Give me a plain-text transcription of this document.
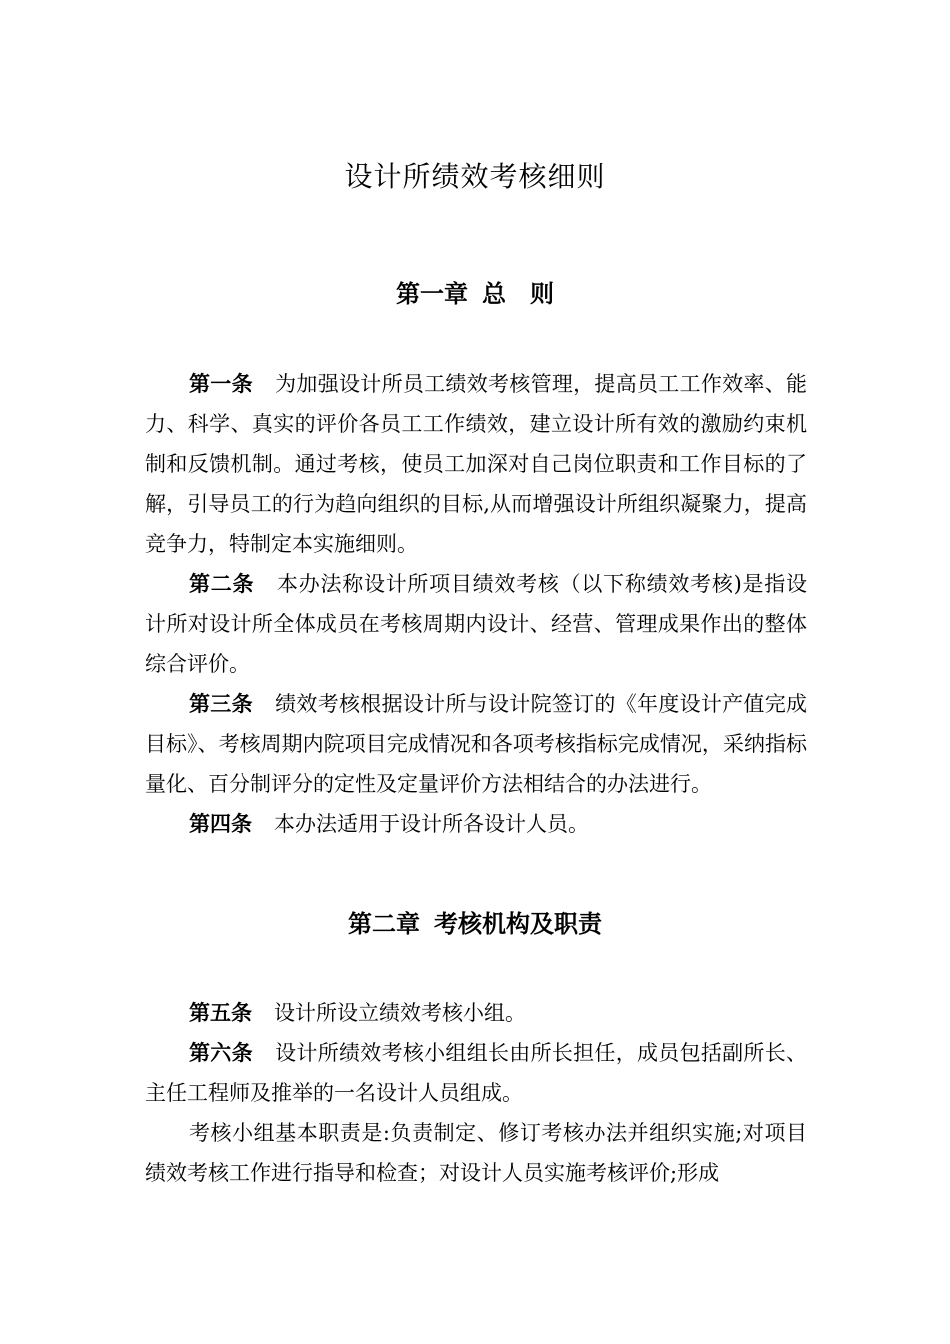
设计所绩效考核细则
第一章 总　则

第一条 为加强设计所员工绩效考核管理，提高员工工作效率、能力、科学、真实的评价各员工工作绩效，建立设计所有效的激励约束机制和反馈机制。通过考核，使员工加深对自己岗位职责和工作目标的了解，引导员工的行为趋向组织的目标,从而增强设计所组织凝聚力，提高竞争力，特制定本实施细则。

第二条 本办法称设计所项目绩效考核（以下称绩效考核)是指设计所对设计所全体成员在考核周期内设计、经营、管理成果作出的整体综合评价。

第三条 绩效考核根据设计所与设计院签订的《年度设计产值完成目标》、考核周期内院项目完成情况和各项考核指标完成情况，采纳指标量化、百分制评分的定性及定量评价方法相结合的办法进行。

第四条 本办法适用于设计所各设计人员。

第二章 考核机构及职责

第五条 设计所设立绩效考核小组。

第六条 设计所绩效考核小组组长由所长担任，成员包括副所长、主任工程师及推举的一名设计人员组成。

考核小组基本职责是:负责制定、修订考核办法并组织实施;对项目绩效考核工作进行指导和检查；对设计人员实施考核评价;形成
